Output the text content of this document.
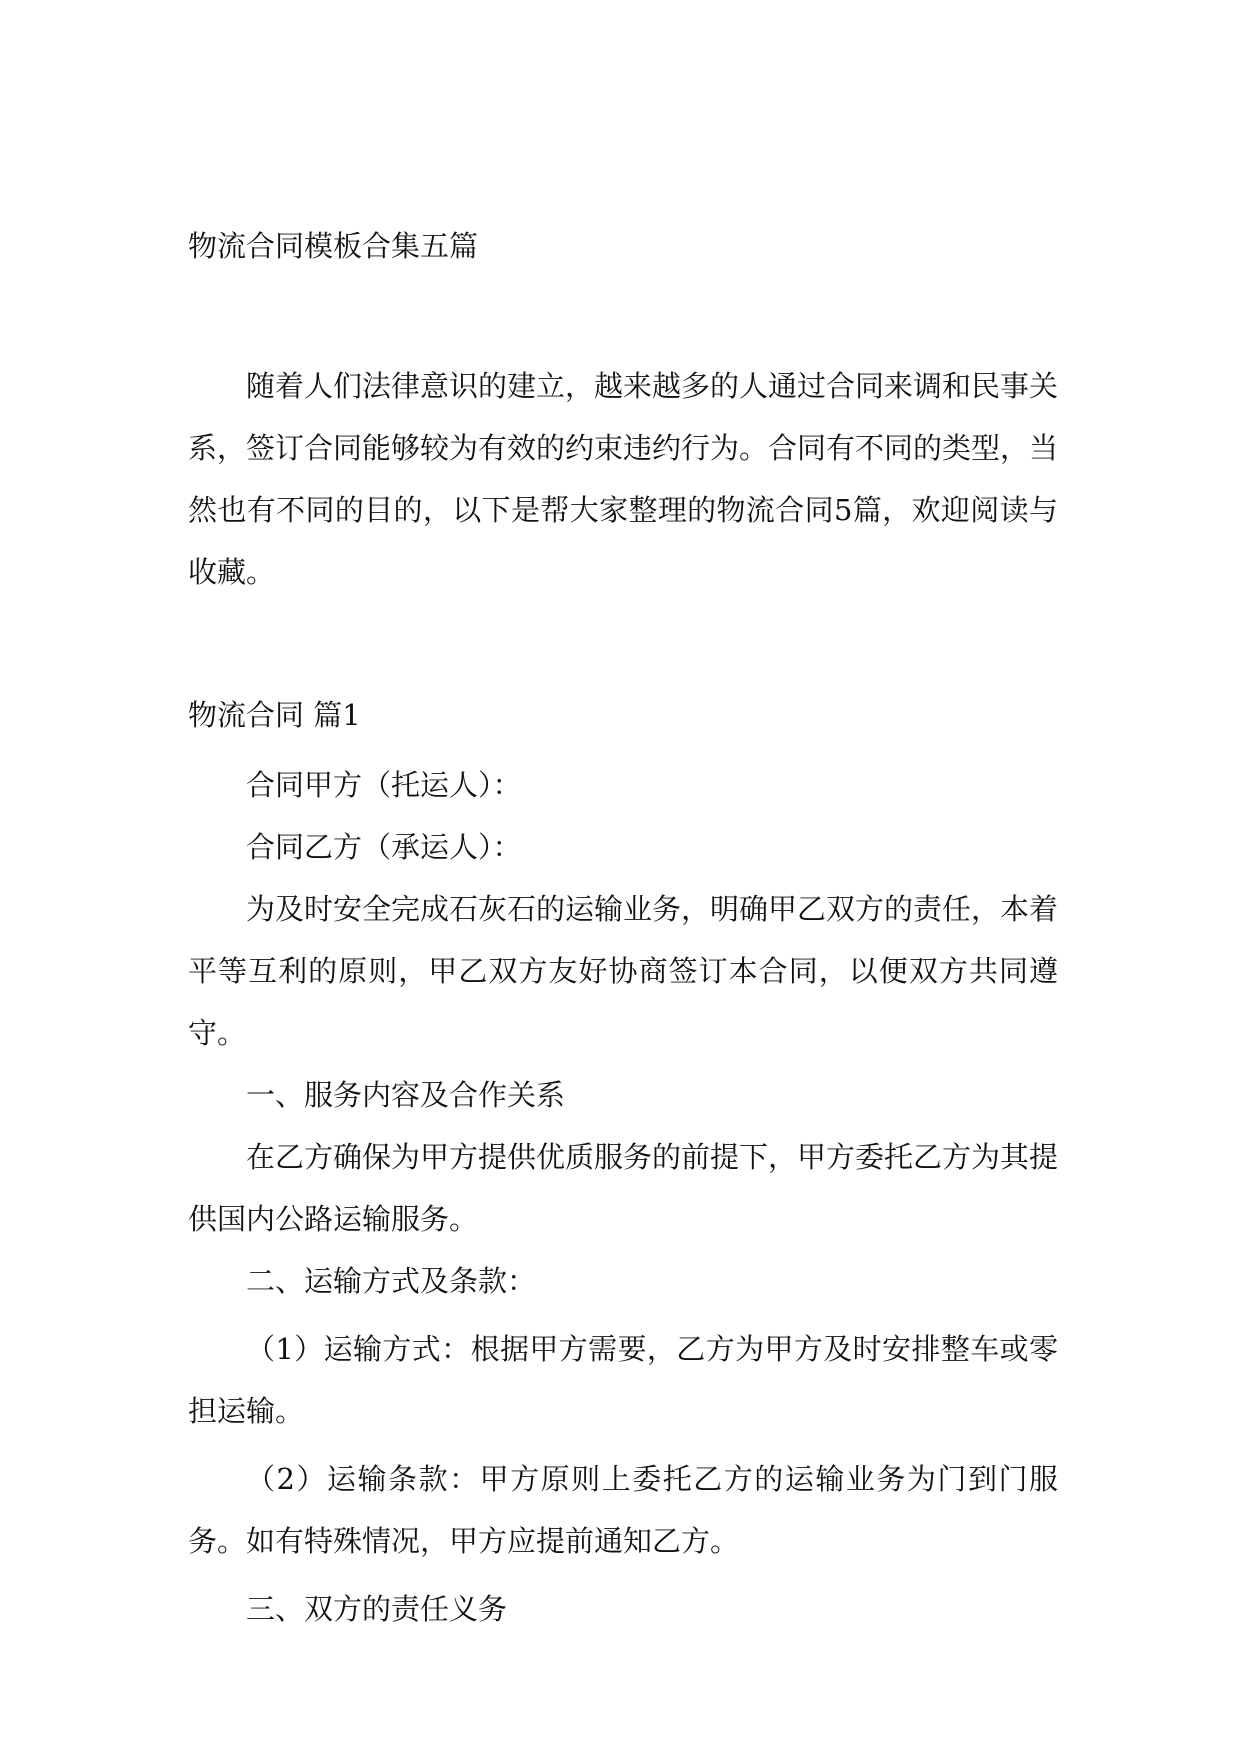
物流合同模板合集五篇

随着人们法律意识的建立，越来越多的人通过合同来调和民事关系，签订合同能够较为有效的约束违约行为。合同有不同的类型，当然也有不同的目的，以下是帮大家整理的物流合同5篇，欢迎阅读与收藏。

物流合同 篇1

合同甲方（托运人）：

合同乙方（承运人）：

为及时安全完成石灰石的运输业务，明确甲乙双方的责任，本着平等互利的原则，甲乙双方友好协商签订本合同，以便双方共同遵守。

一、服务内容及合作关系

在乙方确保为甲方提供优质服务的前提下，甲方委托乙方为其提供国内公路运输服务。

二、运输方式及条款：

（1）运输方式：根据甲方需要，乙方为甲方及时安排整车或零担运输。

（2）运输条款：甲方原则上委托乙方的运输业务为门到门服务。如有特殊情况，甲方应提前通知乙方。

三、双方的责任义务
